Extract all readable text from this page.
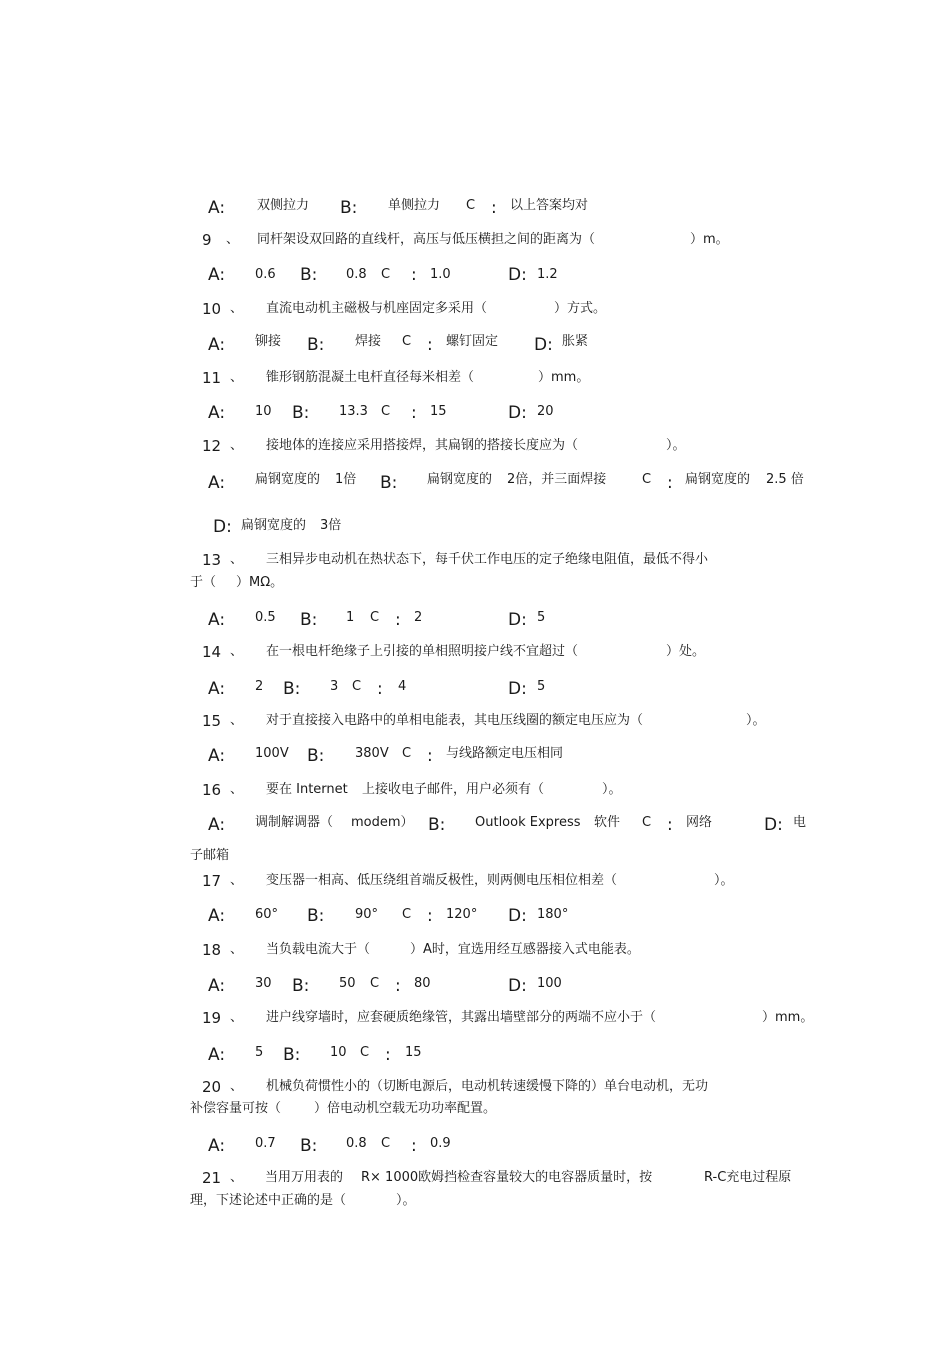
A: 双侧拉力 B: 单侧拉力 C : 以上答案均对
9 、 同杆架设双回路的直线杆，高压与低压横担之间的距离为（	）m。
A: 0.6 B: 0.8 C : 1.0	D: 1.2
10 、 直流电动机主磁极与机座固定多采用（	）方式。
A: 铆接 B: 焊接 C : 螺钉固定 D: 胀紧
11 、 锥形钢筋混凝土电杆直径每米相差（	）mm。
A: 10 B: 13.3 C : 15	D: 20
12 、 接地体的连接应采用搭接焊，其扁钢的搭接长度应为（	）。
A: 扁钢宽度的 1倍 B: 扁钢宽度的 2倍，并三面焊接	C : 扁钢宽度的 2.5 倍
D: 扁钢宽度的 3倍
13 、 三相异步电动机在热状态下，每千伏工作电压的定子绝缘电阻值，最低不得小
于（ ）MΩ。
A: 0.5 B: 1 C : 2	D: 5
14 、 在一根电杆绝缘子上引接的单相照明接户线不宜超过（	）处。
A: 2 B: 3 C : 4	D: 5
15 、 对于直接接入电路中的单相电能表，其电压线圈的额定电压应为（	）。
A: 100V B: 380V C : 与线路额定电压相同
16 、 要在 Internet 上接收电子邮件，用户必须有（	）。
A: 调制解调器（ modem） B: Outlook Express 软件 C : 网络	D: 电
子邮箱
17 、 变压器一相高、低压绕组首端反极性，则两侧电压相位相差（	）。
A: 60° B: 90° C : 120° D: 180°
18 、 当负载电流大于（	）A时，宜选用经互感器接入式电能表。
A: 30 B: 50 C : 80	D: 100
19 、 进户线穿墙时，应套硬质绝缘管，其露出墙壁部分的两端不应小于（	）mm。
A: 5 B: 10 C : 15
20 、 机械负荷惯性小的（切断电源后，电动机转速缓慢下降的）单台电动机，无功
补偿容量可按（	）倍电动机空载无功功率配置。
A: 0.7 B: 0.8 C : 0.9
21 、 当用万用表的 R× 1000欧姆挡检查容量较大的电容器质量时，按	R-C充电过程原
理，下述论述中正确的是（	）。
